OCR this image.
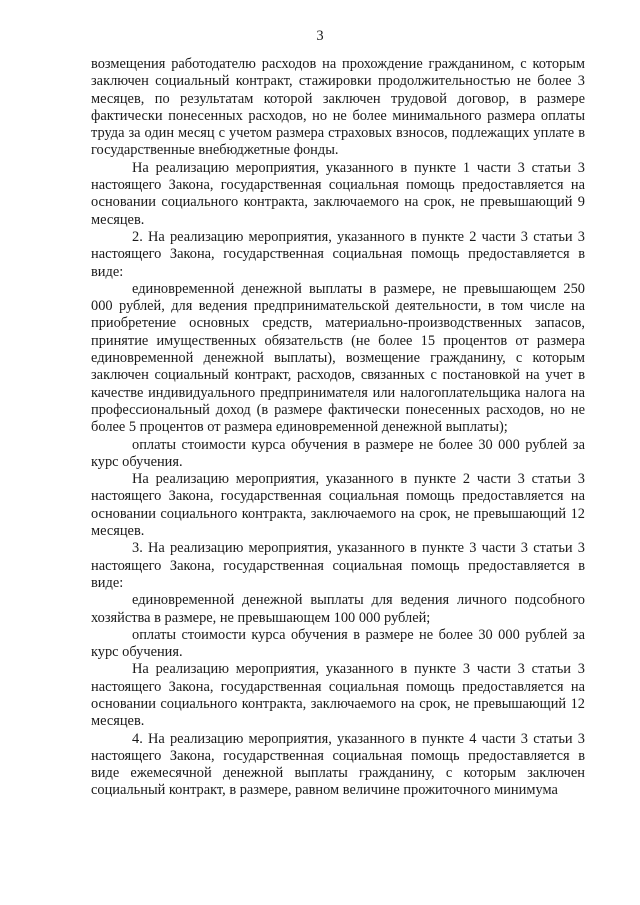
3

возмещения работодателю расходов на прохождение гражданином, с которым заключен социальный контракт, стажировки продолжительностью не более 3 месяцев, по результатам которой заключен трудовой договор, в размере фактически понесенных расходов, но не более минимального размера оплаты труда за один месяц с учетом размера страховых взносов, подлежащих уплате в государственные внебюджетные фонды.

На реализацию мероприятия, указанного в пункте 1 части 3 статьи 3 настоящего Закона, государственная социальная помощь предоставляется на основании социального контракта, заключаемого на срок, не превышающий 9 месяцев.

2. На реализацию мероприятия, указанного в пункте 2 части 3 статьи 3 настоящего Закона, государственная социальная помощь предоставляется в виде:

единовременной денежной выплаты в размере, не превышающем 250 000 рублей, для ведения предпринимательской деятельности, в том числе на приобретение основных средств, материально-производственных запасов, принятие имущественных обязательств (не более 15 процентов от размера единовременной денежной выплаты), возмещение гражданину, с которым заключен социальный контракт, расходов, связанных с постановкой на учет в качестве индивидуального предпринимателя или налогоплательщика налога на профессиональный доход (в размере фактически понесенных расходов, но не более 5 процентов от размера единовременной денежной выплаты);

оплаты стоимости курса обучения в размере не более 30 000 рублей за курс обучения.

На реализацию мероприятия, указанного в пункте 2 части 3 статьи 3 настоящего Закона, государственная социальная помощь предоставляется на основании социального контракта, заключаемого на срок, не превышающий 12 месяцев.

3. На реализацию мероприятия, указанного в пункте 3 части 3 статьи 3 настоящего Закона, государственная социальная помощь предоставляется в виде:

единовременной денежной выплаты для ведения личного подсобного хозяйства в размере, не превышающем 100 000 рублей;

оплаты стоимости курса обучения в размере не более 30 000 рублей за курс обучения.

На реализацию мероприятия, указанного в пункте 3 части 3 статьи 3 настоящего Закона, государственная социальная помощь предоставляется на основании социального контракта, заключаемого на срок, не превышающий 12 месяцев.

4. На реализацию мероприятия, указанного в пункте 4 части 3 статьи 3 настоящего Закона, государственная социальная помощь предоставляется в виде ежемесячной денежной выплаты гражданину, с которым заключен социальный контракт, в размере, равном величине прожиточного минимума
